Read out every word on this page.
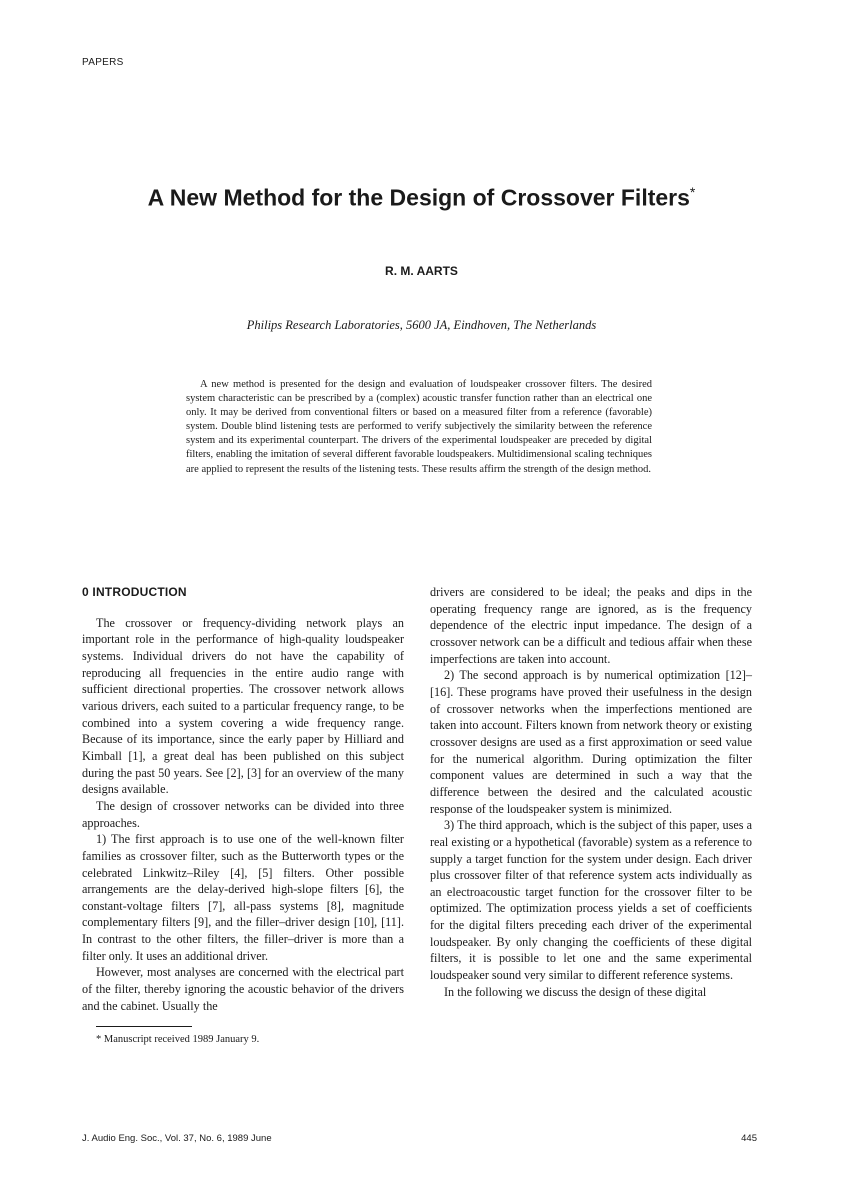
PAPERS
A New Method for the Design of Crossover Filters*
R. M. AARTS
Philips Research Laboratories, 5600 JA, Eindhoven, The Netherlands

A new method is presented for the design and evaluation of loudspeaker crossover filters. The desired system characteristic can be prescribed by a (complex) acoustic transfer function rather than an electrical one only. It may be derived from conventional filters or based on a measured filter from a reference (favorable) system. Double blind listening tests are performed to verify subjectively the similarity between the reference system and its experimental counterpart. The drivers of the experimental loudspeaker are preceded by digital filters, enabling the imitation of several different favorable loudspeakers. Multidimensional scaling techniques are applied to represent the results of the listening tests. These results affirm the strength of the design method.

0 INTRODUCTION

The crossover or frequency-dividing network plays an important role in the performance of high-quality loudspeaker systems. Individual drivers do not have the capability of reproducing all frequencies in the entire audio range with sufficient directional properties. The crossover network allows various drivers, each suited to a particular frequency range, to be combined into a system covering a wide frequency range. Because of its importance, since the early paper by Hilliard and Kimball [1], a great deal has been published on this subject during the past 50 years. See [2], [3] for an overview of the many designs available.

The design of crossover networks can be divided into three approaches.

1) The first approach is to use one of the well-known filter families as crossover filter, such as the Butterworth types or the celebrated Linkwitz–Riley [4], [5] filters. Other possible arrangements are the delay-derived high-slope filters [6], the constant-voltage filters [7], all-pass systems [8], magnitude complementary filters [9], and the filler–driver design [10], [11]. In contrast to the other filters, the filler–driver is more than a filter only. It uses an additional driver.

However, most analyses are concerned with the electrical part of the filter, thereby ignoring the acoustic behavior of the drivers and the cabinet. Usually the

* Manuscript received 1989 January 9.

drivers are considered to be ideal; the peaks and dips in the operating frequency range are ignored, as is the frequency dependence of the electric input impedance. The design of a crossover network can be a difficult and tedious affair when these imperfections are taken into account.

2) The second approach is by numerical optimization [12]–[16]. These programs have proved their usefulness in the design of crossover networks when the imperfections mentioned are taken into account. Filters known from network theory or existing crossover designs are used as a first approximation or seed value for the numerical algorithm. During optimization the filter component values are determined in such a way that the difference between the desired and the calculated acoustic response of the loudspeaker system is minimized.

3) The third approach, which is the subject of this paper, uses a real existing or a hypothetical (favorable) system as a reference to supply a target function for the system under design. Each driver plus crossover filter of that reference system acts individually as an electroacoustic target function for the crossover filter to be optimized. The optimization process yields a set of coefficients for the digital filters preceding each driver of the experimental loudspeaker. By only changing the coefficients of these digital filters, it is possible to let one and the same experimental loudspeaker sound very similar to different reference systems.

In the following we discuss the design of these digital

J. Audio Eng. Soc., Vol. 37, No. 6, 1989 June	445
